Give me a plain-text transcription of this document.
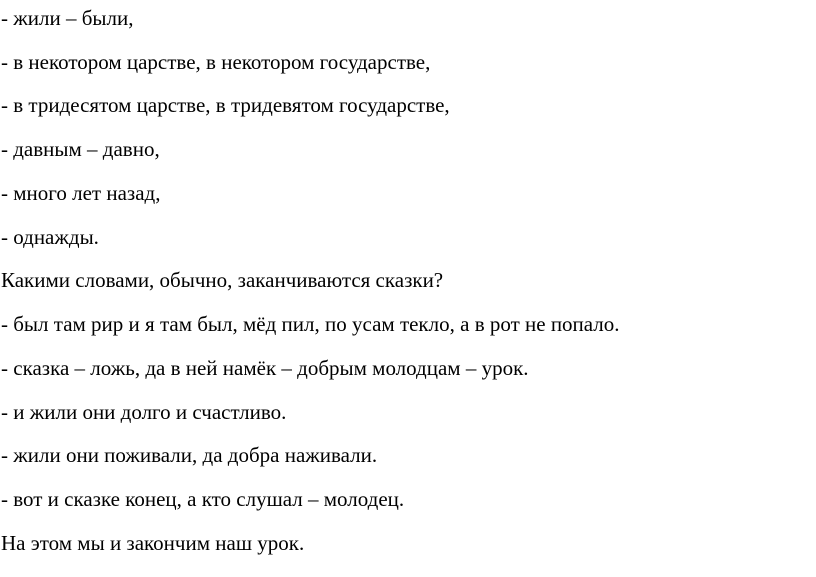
- жили – были,
- в некотором царстве, в некотором государстве,
- в тридесятом царстве, в тридевятом государстве,
- давным – давно,
- много лет назад,
- однажды.
Какими словами, обычно, заканчиваются сказки?
- был там рир и я там был, мёд пил, по усам текло, а в рот не попало.
- сказка – ложь, да в ней намёк – добрым молодцам – урок.
- и жили они долго и счастливо.
- жили они поживали, да добра наживали.
- вот и сказке конец, а кто слушал – молодец.
На этом мы и закончим наш урок.
